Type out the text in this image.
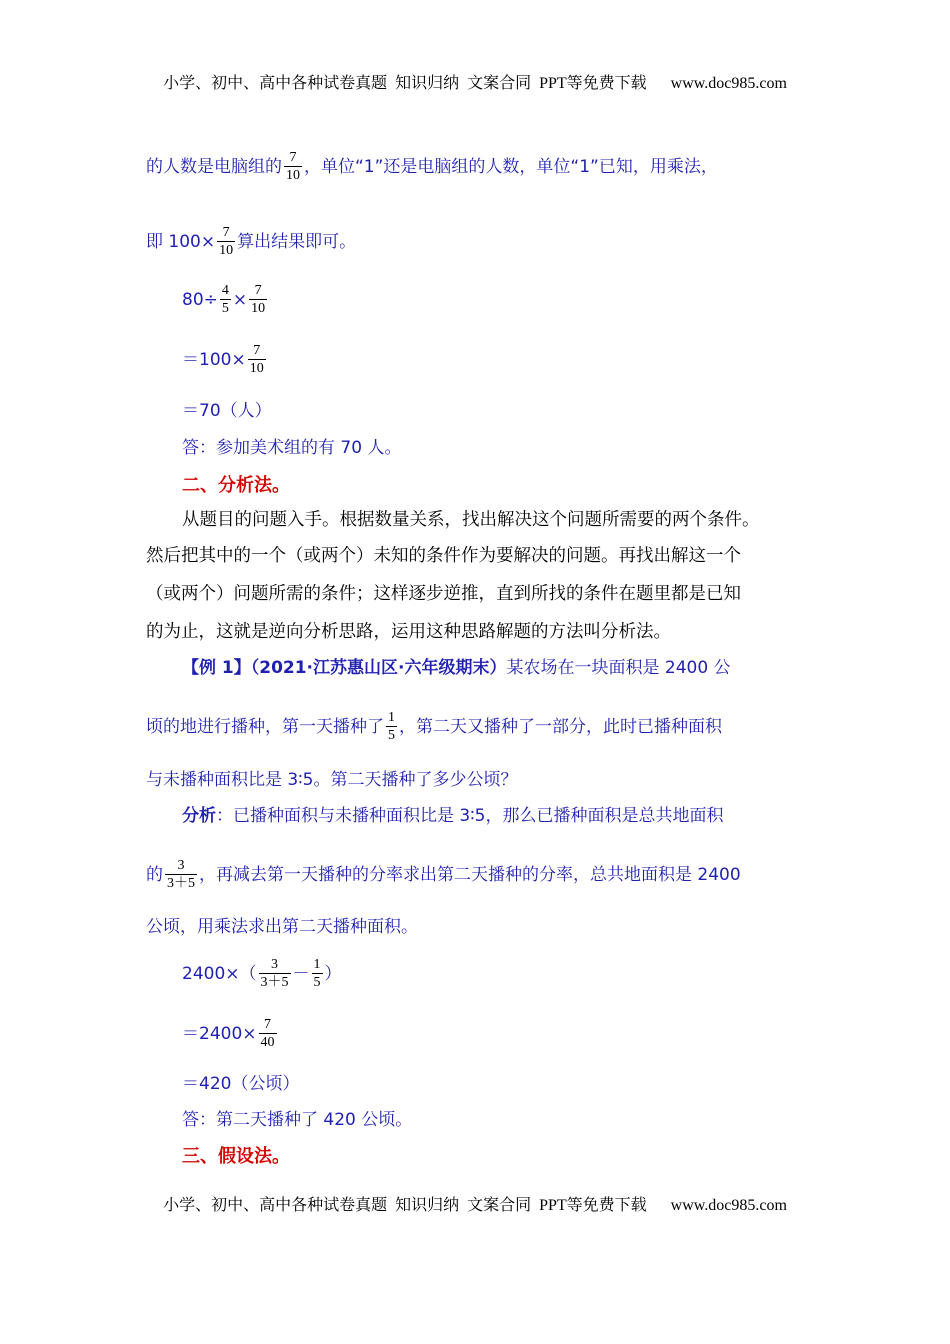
小学、初中、高中各种试卷真题  知识归纳  文案合同  PPT等免费下载      www.doc985.com
的人数是电脑组的 $\frac{7}{10}$ ，单位“1”还是电脑组的人数，单位“1”已知，用乘法，
即 $100\times \frac{7}{10}$ 算出结果即可。
$80\div \frac{4}{5} \times \frac{7}{10}$
$=100\times \frac{7}{10}$
＝70（人）
答：参加美术组的有 70 人。
二、分析法。
从题目的问题入手。根据数量关系，找出解决这个问题所需要的两个条件。
然后把其中的一个（或两个）未知的条件作为要解决的问题。再找出解这一个
（或两个）问题所需的条件；这样逐步逆推，直到所找的条件在题里都是已知
的为止，这就是逆向分析思路，运用这种思路解题的方法叫分析法。
【例 1】（2021·江苏惠山区·六年级期末）某农场在一块面积是 2400 公
顷的地进行播种，第一天播种了 $\frac{1}{5}$ ，第二天又播种了一部分，此时已播种面积
与未播种面积比是 3∶5。第二天播种了多少公顷？
分析：已播种面积与未播种面积比是 3∶5，那么已播种面积是总共地面积
的 $\frac{3}{3+5}$ ，再减去第一天播种的分率求出第二天播种的分率，总共地面积是 2400
公顷，用乘法求出第二天播种面积。
$2400\times( \frac{3}{3+5} - \frac{1}{5}$ ）
$=2400\times \frac{7}{40}$
＝420（公顷）
答：第二天播种了 420 公顷。
三、假设法。
小学、初中、高中各种试卷真题  知识归纳  文案合同  PPT等免费下载      www.doc985.com
